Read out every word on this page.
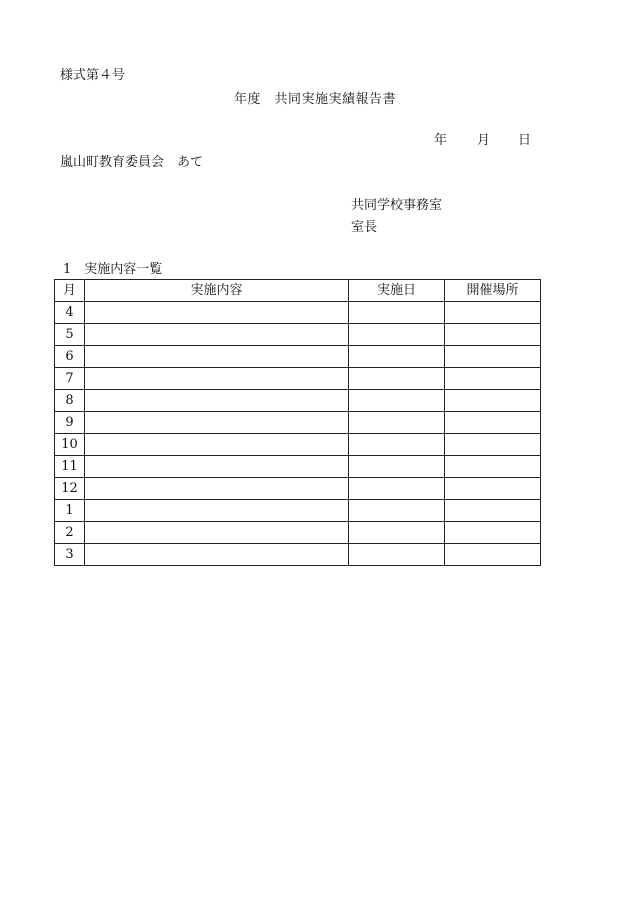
様式第４号
年度　共同実施実績報告書
年 月 日
嵐山町教育委員会　あて
共同学校事務室
室長
1　実施内容一覧
月	実施内容	実施日	開催場所
4			
5			
6			
7			
8			
9			
10			
11			
12			
1			
2			
3			
